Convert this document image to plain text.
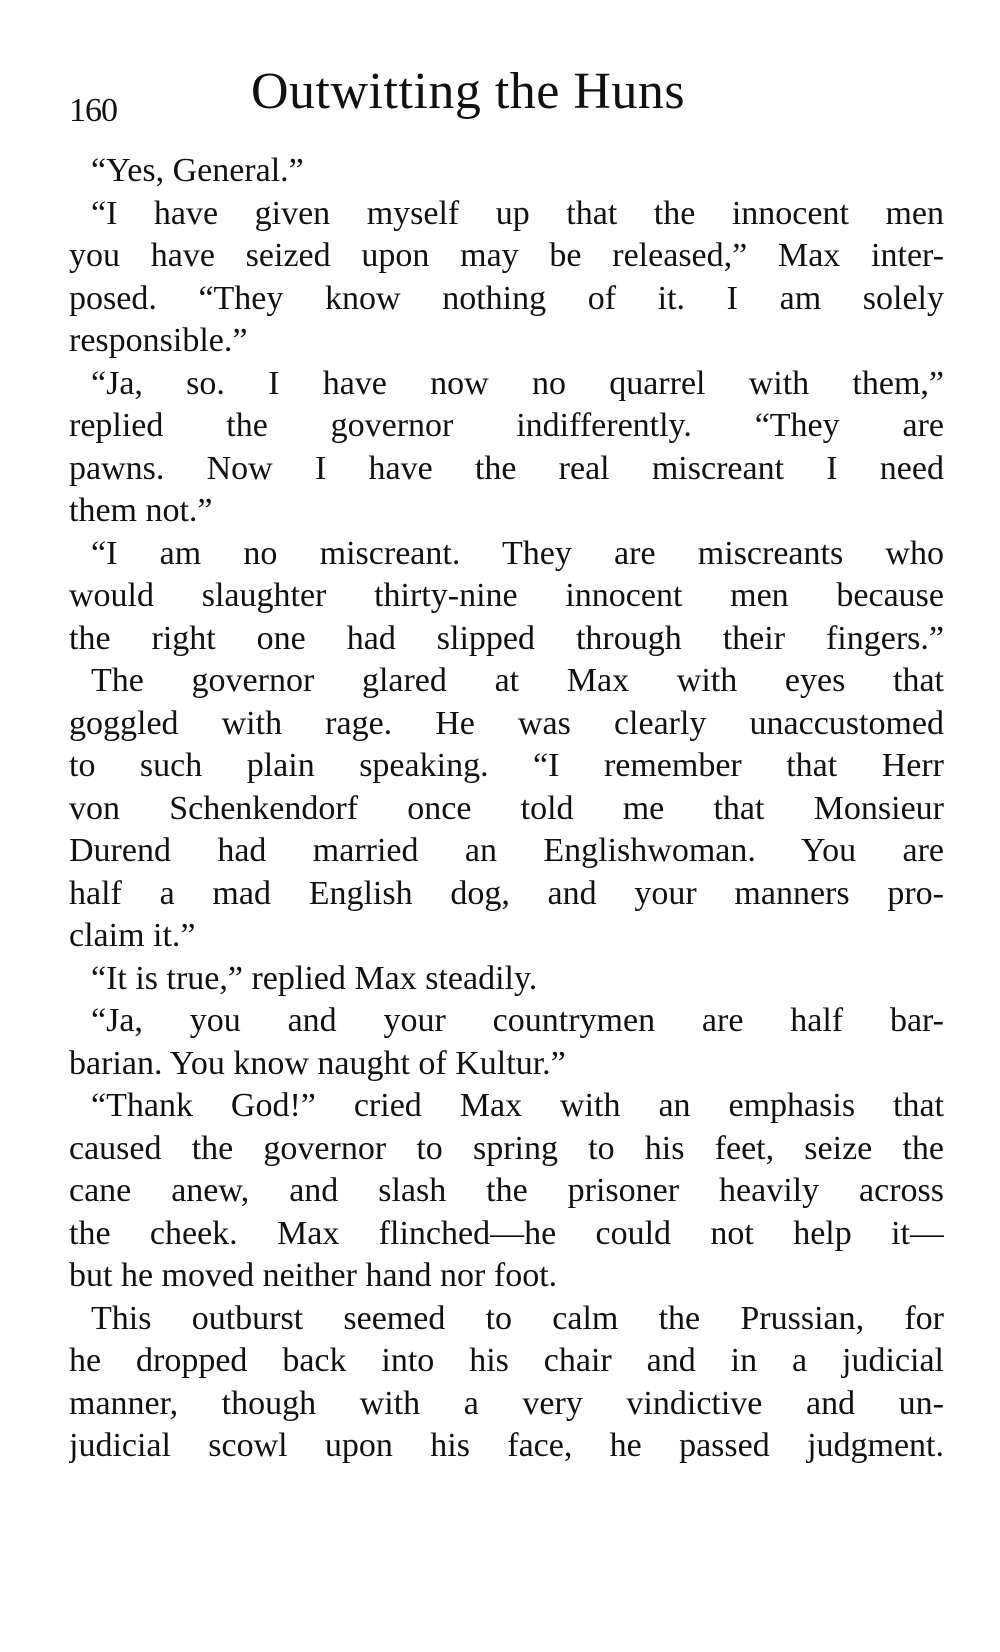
160	Outwitting the Huns
“Yes, General.”
“I have given myself up that the innocent men
you have seized upon may be released,” Max inter-
posed. “They know nothing of it. I am solely
responsible.”
“Ja, so. I have now no quarrel with them,”
replied the governor indifferently. “They are
pawns. Now I have the real miscreant I need
them not.”
“I am no miscreant. They are miscreants who
would slaughter thirty-nine innocent men because
the right one had slipped through their fingers.”
The governor glared at Max with eyes that
goggled with rage. He was clearly unaccustomed
to such plain speaking. “I remember that Herr
von Schenkendorf once told me that Monsieur
Durend had married an Englishwoman. You are
half a mad English dog, and your manners pro-
claim it.”
“It is true,” replied Max steadily.
“Ja, you and your countrymen are half bar-
barian. You know naught of Kultur.”
“Thank God!” cried Max with an emphasis that
caused the governor to spring to his feet, seize the
cane anew, and slash the prisoner heavily across
the cheek. Max flinched—he could not help it—
but he moved neither hand nor foot.
This outburst seemed to calm the Prussian, for
he dropped back into his chair and in a judicial
manner, though with a very vindictive and un-
judicial scowl upon his face, he passed judgment.
